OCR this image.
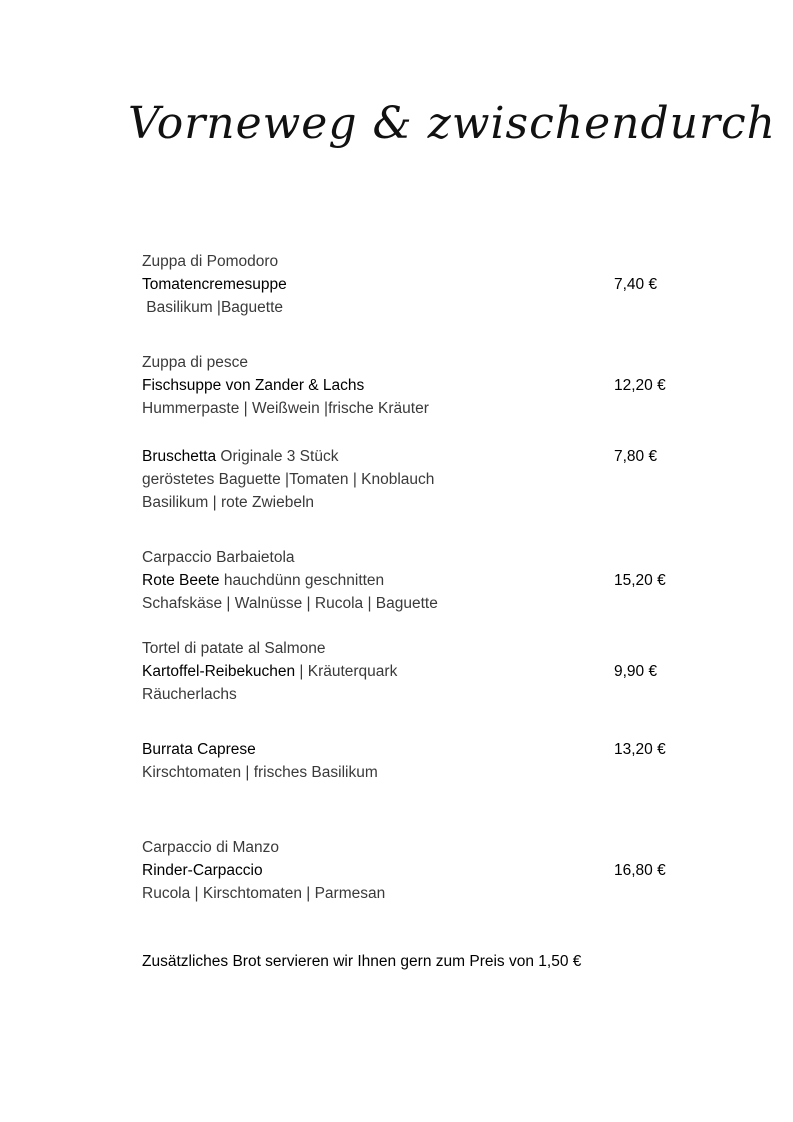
Vorneweg & zwischendurch
Zuppa di Pomodoro
Tomatencremesuppe	7,40 €
Basilikum |Baguette
Zuppa di pesce
Fischsuppe von Zander & Lachs	12,20 €
Hummerpaste | Weißwein |frische Kräuter
Bruschetta Originale 3 Stück	7,80 €
geröstetes Baguette |Tomaten | Knoblauch
Basilikum | rote Zwiebeln
Carpaccio Barbaietola
Rote Beete hauchdünn geschnitten	15,20 €
Schafskäse | Walnüsse | Rucola | Baguette
Tortel di patate al Salmone
Kartoffel-Reibekuchen | Kräuterquark	9,90 €
Räucherlachs
Burrata Caprese	13,20 €
Kirschtomaten | frisches Basilikum
Carpaccio di Manzo
Rinder-Carpaccio	16,80 €
Rucola | Kirschtomaten | Parmesan
Zusätzliches Brot servieren wir Ihnen gern zum Preis von 1,50 €
